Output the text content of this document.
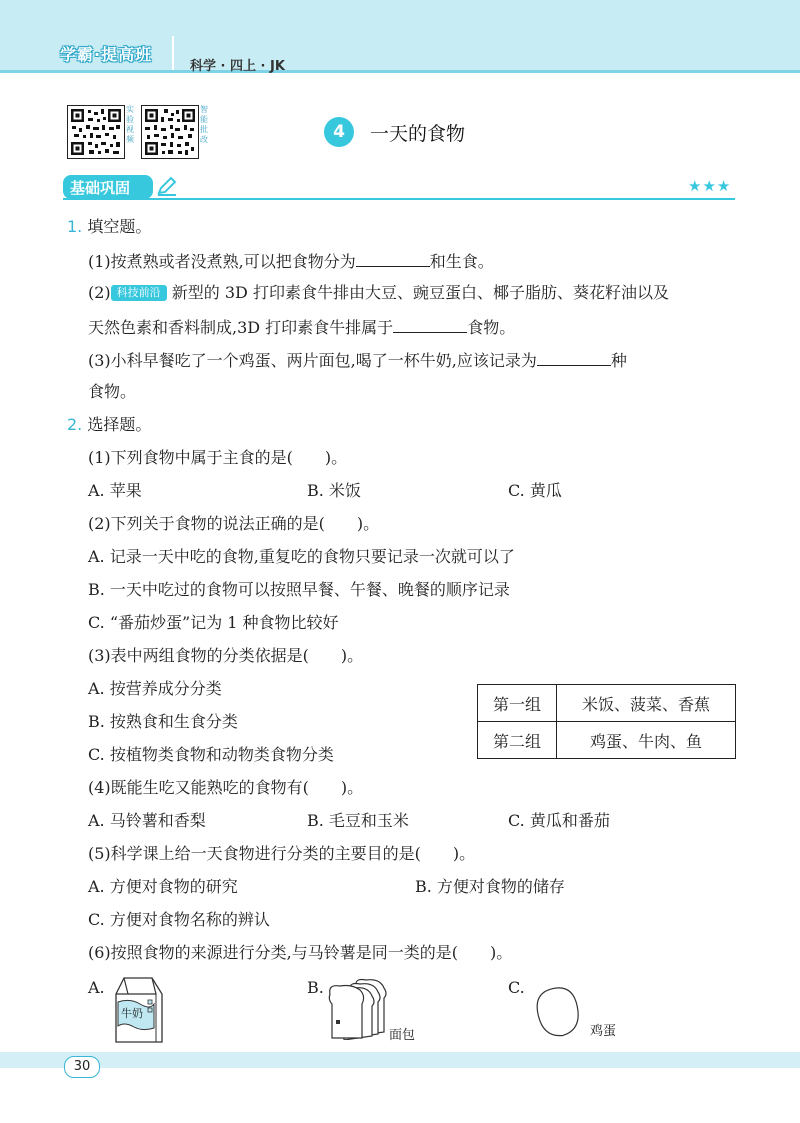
学霸·提高班
科学 · 四上 · JK
实验视频
智能批改	4	一天的食物
基础巩固	★★★
1. 填空题。
(1)按煮熟或者没煮熟,可以把食物分为	和生食。
(2) 科技前沿 新型的 3D 打印素食牛排由大豆、豌豆蛋白、椰子脂肪、葵花籽油以及
天然色素和香料制成,3D 打印素食牛排属于	食物。
(3)小科早餐吃了一个鸡蛋、两片面包,喝了一杯牛奶,应该记录为	种
食物。
2. 选择题。
(1)下列食物中属于主食的是(　　)。
A. 苹果	B. 米饭	C. 黄瓜
(2)下列关于食物的说法正确的是(　　)。
A. 记录一天中吃的食物,重复吃的食物只要记录一次就可以了
B. 一天中吃过的食物可以按照早餐、午餐、晚餐的顺序记录
C. “番茄炒蛋”记为 1 种食物比较好
(3)表中两组食物的分类依据是(　　)。
A. 按营养成分分类
B. 按熟食和生食分类
C. 按植物类食物和动物类食物分类
第一组	米饭、菠菜、香蕉
第二组	鸡蛋、牛肉、鱼
(4)既能生吃又能熟吃的食物有(　　)。
A. 马铃薯和香梨	B. 毛豆和玉米	C. 黄瓜和番茄
(5)科学课上给一天食物进行分类的主要目的是(　　)。
A. 方便对食物的研究	B. 方便对食物的储存
C. 方便对食物名称的辨认
(6)按照食物的来源进行分类,与马铃薯是同一类的是(　　)。
A.
牛奶
B.
面包
C.
鸡蛋
30
